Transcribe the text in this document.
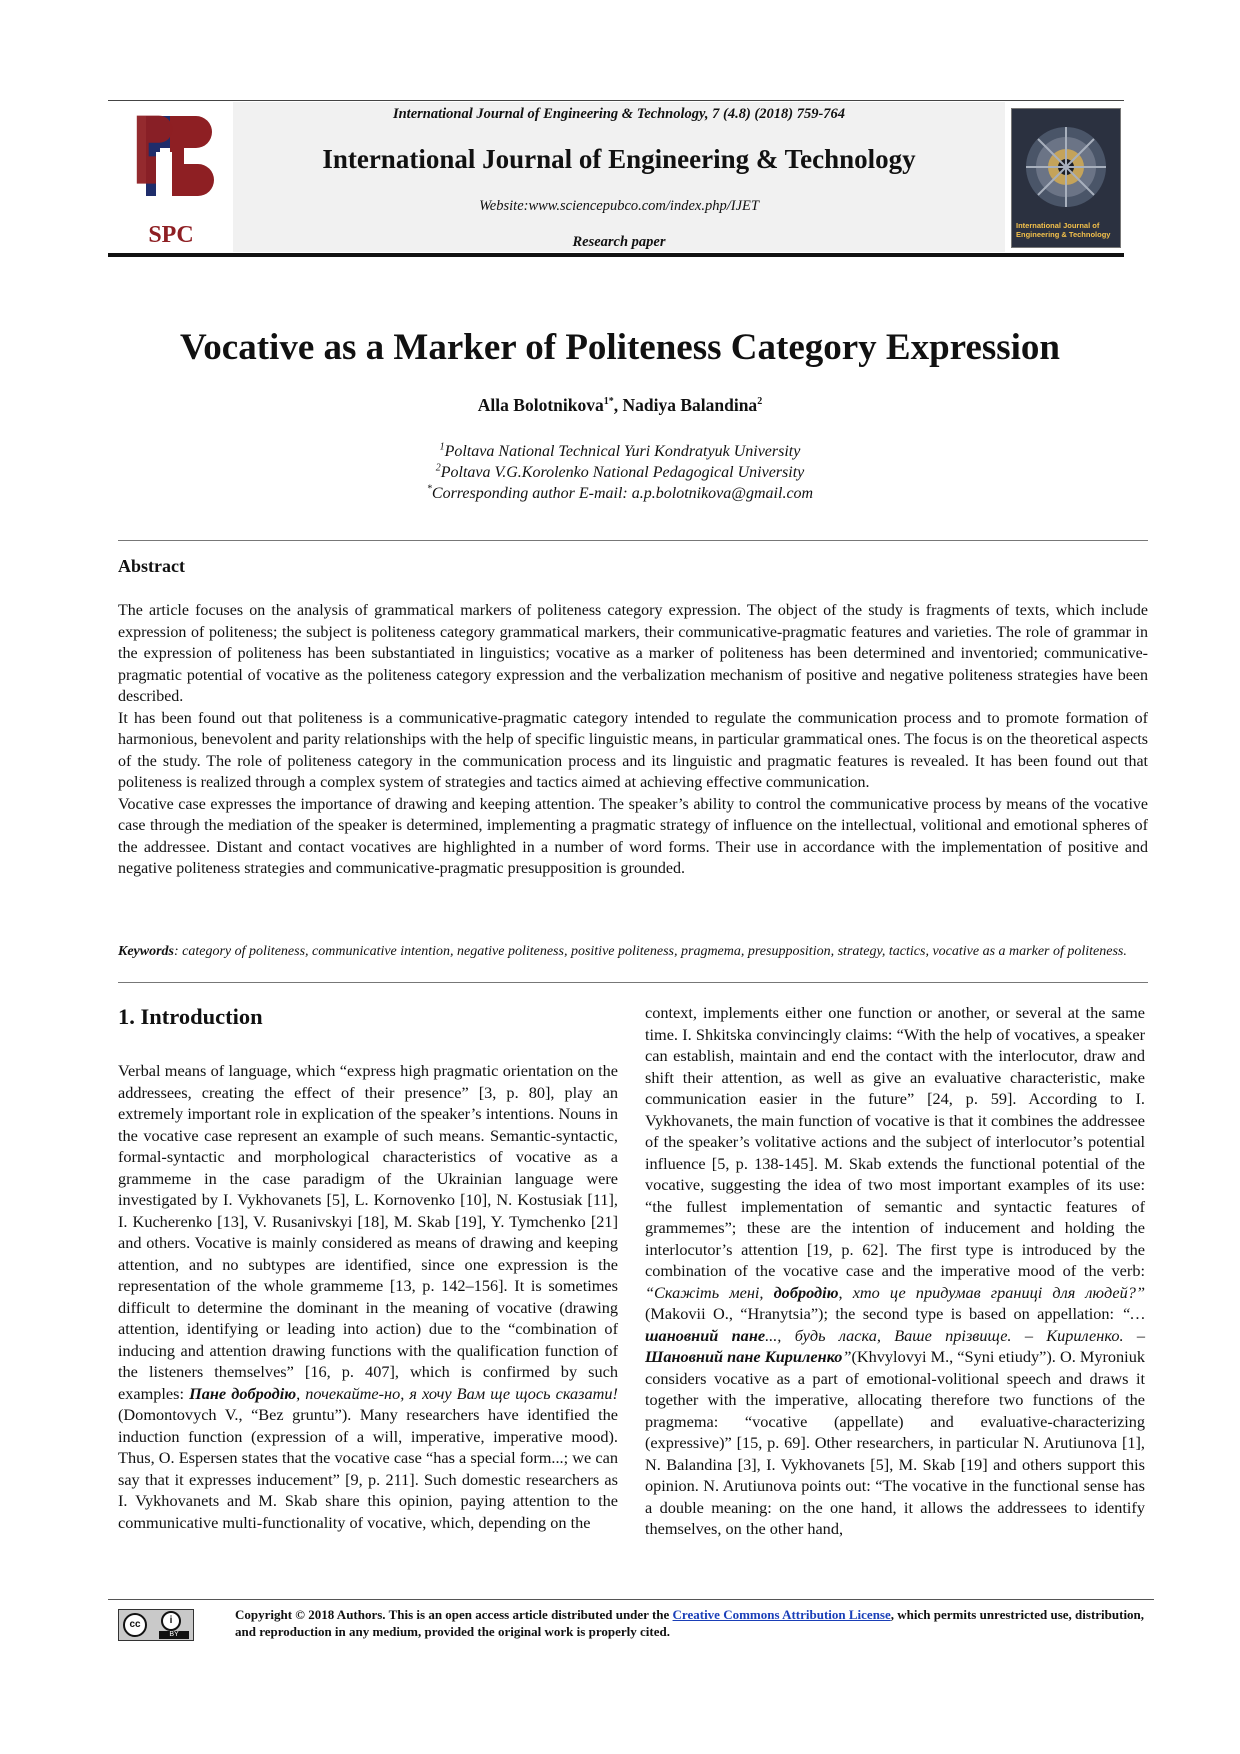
SPC
International Journal of Engineering & Technology, 7 (4.8) (2018) 759-764
International Journal of Engineering & Technology
Website:www.sciencepubco.com/index.php/IJET
Research paper
International Journal of Engineering & Technology
Vocative as a Marker of Politeness Category Expression
Alla Bolotnikova$^{1*}$, Nadiya Balandina$^2$
$^1$Poltava National Technical Yuri Kondratyuk University
$^2$Poltava V.G.Korolenko National Pedagogical University
*Corresponding author E-mail: a.p.bolotnikova@gmail.com
Abstract

The article focuses on the analysis of grammatical markers of politeness category expression. The object of the study is fragments of texts, which include expression of politeness; the subject is politeness category grammatical markers, their communicative-pragmatic features and varieties. The role of grammar in the expression of politeness has been substantiated in linguistics; vocative as a marker of politeness has been determined and inventoried; communicative-pragmatic potential of vocative as the politeness category expression and the verbalization mechanism of positive and negative politeness strategies have been described.

It has been found out that politeness is a communicative-pragmatic category intended to regulate the communication process and to promote formation of harmonious, benevolent and parity relationships with the help of specific linguistic means, in particular grammatical ones. The focus is on the theoretical aspects of the study. The role of politeness category in the communication process and its linguistic and pragmatic features is revealed. It has been found out that politeness is realized through a complex system of strategies and tactics aimed at achieving effective communication.

Vocative case expresses the importance of drawing and keeping attention. The speaker’s ability to control the communicative process by means of the vocative case through the mediation of the speaker is determined, implementing a pragmatic strategy of influence on the intellectual, volitional and emotional spheres of the addressee. Distant and contact vocatives are highlighted in a number of word forms. Their use in accordance with the implementation of positive and negative politeness strategies and communicative-pragmatic presupposition is grounded.

Keywords: category of politeness, communicative intention, negative politeness, positive politeness, pragmema, presupposition, strategy, tactics, vocative as a marker of politeness.
1. Introduction

Verbal means of language, which “express high pragmatic orientation on the addressees, creating the effect of their presence” [3, p. 80], play an extremely important role in explication of the speaker’s intentions. Nouns in the vocative case represent an example of such means. Semantic-syntactic, formal-syntactic and morphological characteristics of vocative as a grammeme in the case paradigm of the Ukrainian language were investigated by I. Vykhovanets [5], L. Kornovenko [10], N. Kostusiak [11], I. Kucherenko [13], V. Rusanivskyi [18], M. Skab [19], Y. Tymchenko [21] and others. Vocative is mainly considered as means of drawing and keeping attention, and no subtypes are identified, since one expression is the representation of the whole grammeme [13, p. 142–156]. It is sometimes difficult to determine the dominant in the meaning of vocative (drawing attention, identifying or leading into action) due to the “combination of inducing and attention drawing functions with the qualification function of the listeners themselves” [16, p. 407], which is confirmed by such examples: Пане добродію, почекайте-но, я хочу Вам ще щось сказати! (Domontovych V., “Bez gruntu”). Many researchers have identified the induction function (expression of a will, imperative, imperative mood). Thus, O. Espersen states that the vocative case “has a special form...; we can say that it expresses inducement” [9, p. 211]. Such domestic researchers as I. Vykhovanets and M. Skab share this opinion, paying attention to the communicative multi-functionality of vocative, which, depending on the

context, implements either one function or another, or several at the same time. I. Shkitska convincingly claims: “With the help of vocatives, a speaker can establish, maintain and end the contact with the interlocutor, draw and shift their attention, as well as give an evaluative characteristic, make communication easier in the future” [24, p. 59]. According to I. Vykhovanets, the main function of vocative is that it combines the addressee of the speaker’s volitative actions and the subject of interlocutor’s potential influence [5, p. 138-145]. M. Skab extends the functional potential of the vocative, suggesting the idea of two most important examples of its use: “the fullest implementation of semantic and syntactic features of grammemes”; these are the intention of inducement and holding the interlocutor’s attention [19, p. 62]. The first type is introduced by the combination of the vocative case and the imperative mood of the verb: “Скажіть мені, добродію, хто це придумав границі для людей?” (Makovii O., “Hranytsia”); the second type is based on appellation: “… шановний пане..., будь ласка, Ваше прізвище. – Кириленко. – Шановний пане Кириленко”(Khvylovyi M., “Syni etiudy”). O. Myroniuk considers vocative as a part of emotional-volitional speech and draws it together with the imperative, allocating therefore two functions of the pragmema: “vocative (appellate) and evaluative-characterizing (expressive)” [15, p. 69]. Other researchers, in particular N. Arutiunova [1], N. Balandina [3], I. Vykhovanets [5], M. Skab [19] and others support this opinion. N. Arutiunova points out: “The vocative in the functional sense has a double meaning: on the one hand, it allows the addressees to identify themselves, on the other hand,

cc	i
BY
Copyright © 2018 Authors. This is an open access article distributed under the Creative Commons Attribution License, which permits unrestricted use, distribution, and reproduction in any medium, provided the original work is properly cited.
